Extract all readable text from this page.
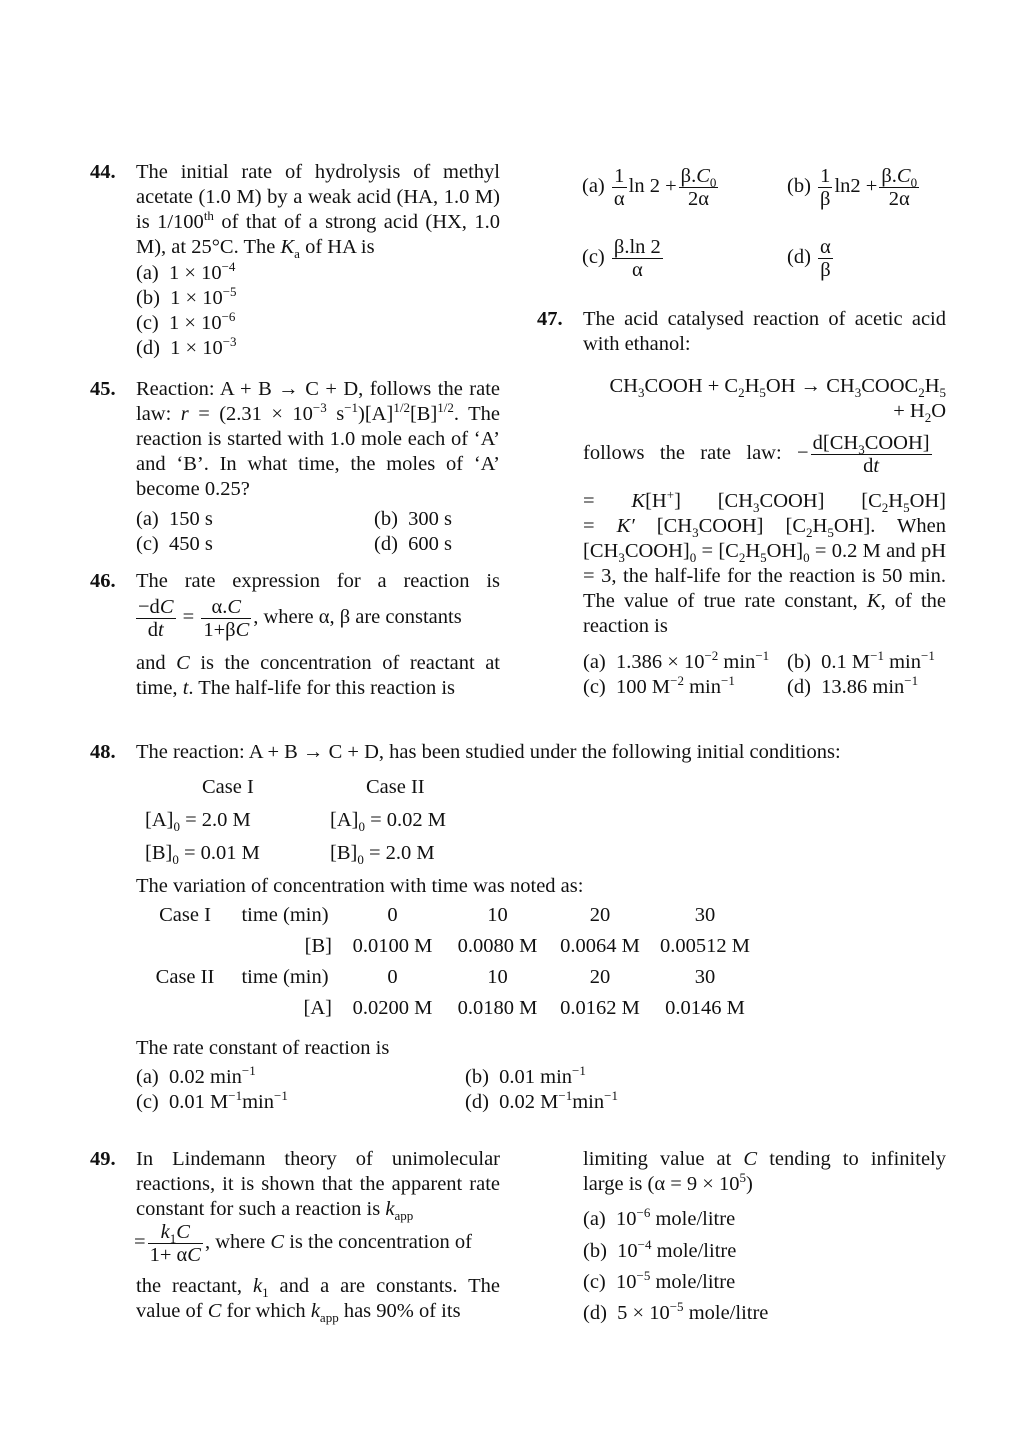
44. The initial rate of hydrolysis of methyl acetate (1.0 M) by a weak acid (HA, 1.0 M) is 1/100th of that of a strong acid (HX, 1.0 M), at 25°C. The $K_a$ of HA is
(a)  $1 \times 10^{-4}$
(b)  $1 \times 10^{-5}$
(c)  $1 \times 10^{-6}$
(d)  $1 \times 10^{-3}$
45. Reaction: A + B → C + D, follows the rate law: $r = (2.31 \times 10^{-3}$ $s^{-1})[A]^{1/2}[B]^{1/2}$. The reaction is started with 1.0 mole each of ‘A’ and ‘B’. In what time, the moles of ‘A’ become 0.25?
(a)  150 s	(b)  300 s
(c)  450 s	(d)  600 s
46. The rate expression for a reaction is
$\frac{-dC}{dt} = \frac{\alpha.C}{1+\beta C}$ , where α, β are constants
and C is the concentration of reactant at time, t. The half-life for this reaction is
$(a) \frac{1}{\alpha}$ $\ln 2 + \frac{\beta.C_0}{2\alpha}$	$(b) \frac{1}{\beta} \ln 2 + \frac{\beta.C_0}{2\alpha}$
$(c) \frac{\beta.\ln 2}{\alpha}$	$(d) \frac{\alpha}{\beta}$
47. The acid catalysed reaction of acetic acid with ethanol:
$CH_3COOH + C_2H_5OH$ → $CH_3COOC_2H_5$
+ $H_2O$
follows   the   rate   law:   − $\frac{d[CH_3COOH]}{dt}$
=    K[H+]    $[CH_3COOH]$    $[C_2H_5OH]$
= K′ $[CH_3COOH]$ $[C_2H_5OH]$. When $[CH_3COOH]_0 = [C_2H_5OH]_0 = 0.2$ M and pH = 3, the half-life for the reaction is 50 min. The value of true rate constant, K, of the reaction is
(a)  $1.386 \times 10^{-2}$ $\min^{-1} (b)$  0.1 $M^{-1}$ $\min^{-1}$
(c)  100 $M^{-2}$ $\min^{-1}$	(d)  13.86 $\min^{-1}$
48. The reaction: A + B → C + D, has been studied under the following initial conditions:
Case I	Case II
$[A]_0 = 2.0$ M	$[A]_0 = 0.02$ M
$[B]_0 = 0.01$ M	$[B]_0 = 2.0$ M
The variation of concentration with time was noted as:
Case I	time (min)	0	10	20	30
	[B]	0.0100 M	0.0080 M	0.0064 M	0.00512 M
Case II	time (min)	0	10	20	30
	[A]	0.0200 M	0.0180 M	0.0162 M	0.0146 M
The rate constant of reaction is
(a)  0.02 $\min^{-1}$	(b)  0.01 $\min^{-1}$
(c)  0.01 $M^{-1}\min^{-1}$	(d)  0.02 $M^{-1}\min^{-1}$
49. In Lindemann theory of unimolecular reactions, it is shown that the apparent rate constant for such a reaction is $k_{app}$
= $\frac{k_1C}{1+ \alpha C}$ , where C is the concentration of
the reactant, $k_1$ and a are constants. The value of C for which $k_{app}$ has 90% of its
limiting value at C tending to infinitely large is $(\alpha = 9 \times 10^5)$
(a)  $10^{-6}$ mole/litre
(b)  $10^{-4}$ mole/litre
(c)  $10^{-5}$ mole/litre
(d)  $5 \times 10^{-5}$ mole/litre
